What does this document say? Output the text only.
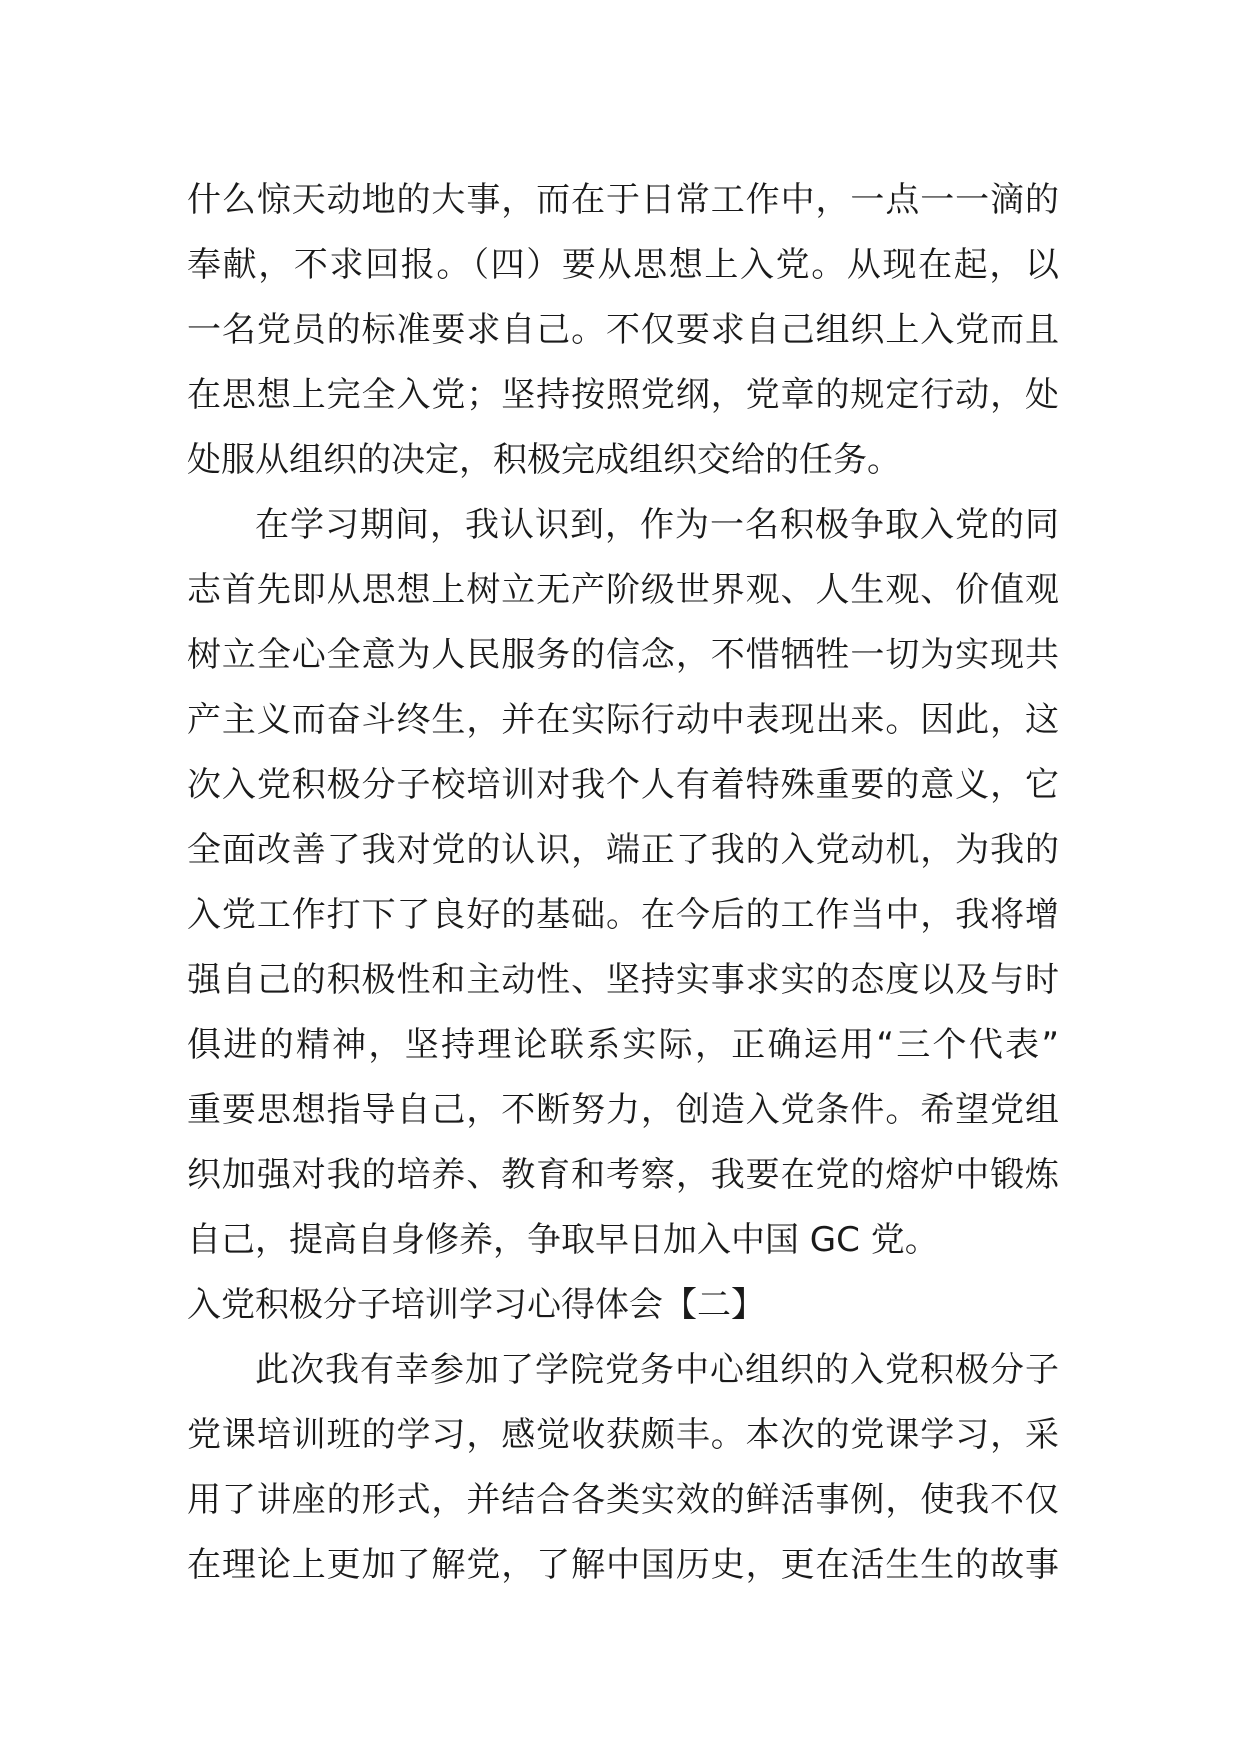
什么惊天动地的大事，而在于日常工作中，一点一一滴的
奉献，不求回报。（四）要从思想上入党。从现在起，以
一名党员的标准要求自己。不仅要求自己组织上入党而且
在思想上完全入党；坚持按照党纲，党章的规定行动，处
处服从组织的决定，积极完成组织交给的任务。
在学习期间，我认识到，作为一名积极争取入党的同
志首先即从思想上树立无产阶级世界观、人生观、价值观
树立全心全意为人民服务的信念，不惜牺牲一切为实现共
产主义而奋斗终生，并在实际行动中表现出来。因此，这
次入党积极分子校培训对我个人有着特殊重要的意义，它
全面改善了我对党的认识，端正了我的入党动机，为我的
入党工作打下了良好的基础。在今后的工作当中，我将增
强自己的积极性和主动性、坚持实事求实的态度以及与时
俱进的精神，坚持理论联系实际，正确运用“三个代表”
重要思想指导自己，不断努力，创造入党条件。希望党组
织加强对我的培养、教育和考察，我要在党的熔炉中锻炼
自己，提高自身修养，争取早日加入中国 GC 党。
入党积极分子培训学习心得体会【二】
此次我有幸参加了学院党务中心组织的入党积极分子
党课培训班的学习，感觉收获颇丰。本次的党课学习，采
用了讲座的形式，并结合各类实效的鲜活事例，使我不仅
在理论上更加了解党，了解中国历史，更在活生生的故事
